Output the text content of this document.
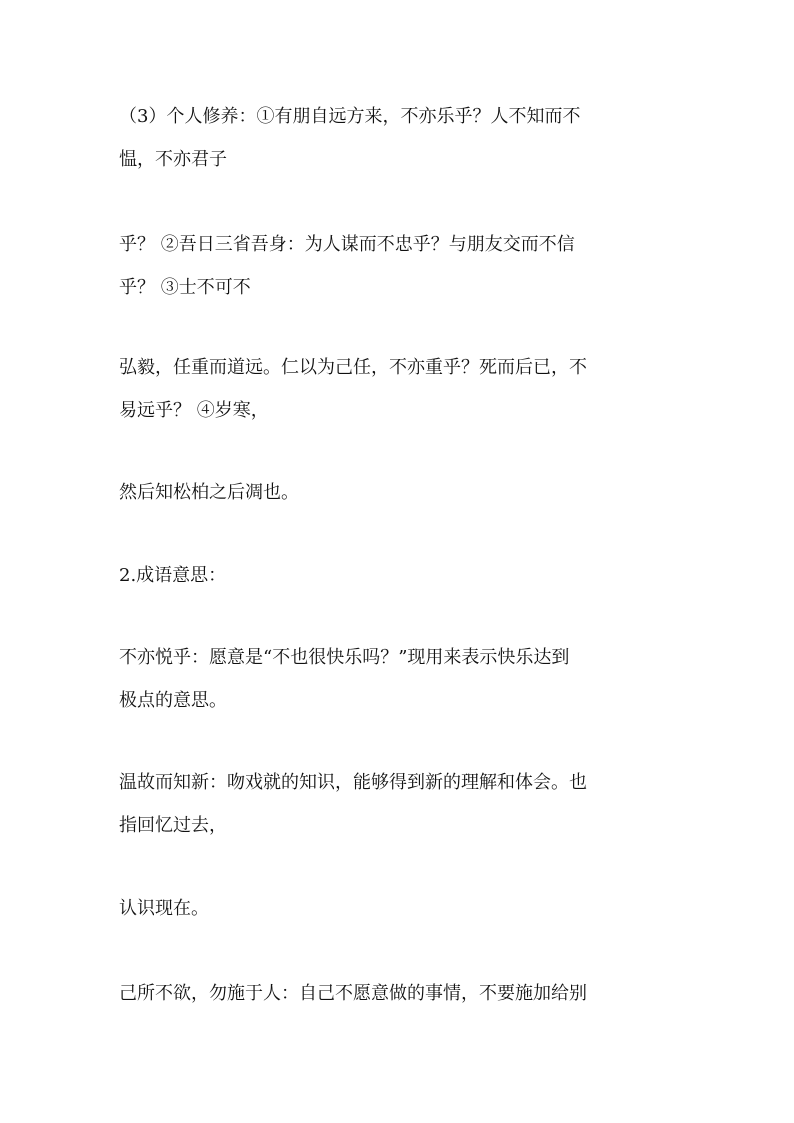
（3）个人修养：①有朋自远方来，不亦乐乎？人不知而不
愠，不亦君子

乎？ ②吾日三省吾身：为人谋而不忠乎？与朋友交而不信
乎？ ③士不可不

弘毅，任重而道远。仁以为己任，不亦重乎？死而后已，不
易远乎？ ④岁寒，

然后知松柏之后凋也。

2.成语意思：

不亦悦乎：愿意是“不也很快乐吗？”现用来表示快乐达到
极点的意思。

温故而知新：吻戏就的知识，能够得到新的理解和体会。也
指回忆过去，

认识现在。

己所不欲，勿施于人：自己不愿意做的事情，不要施加给别
